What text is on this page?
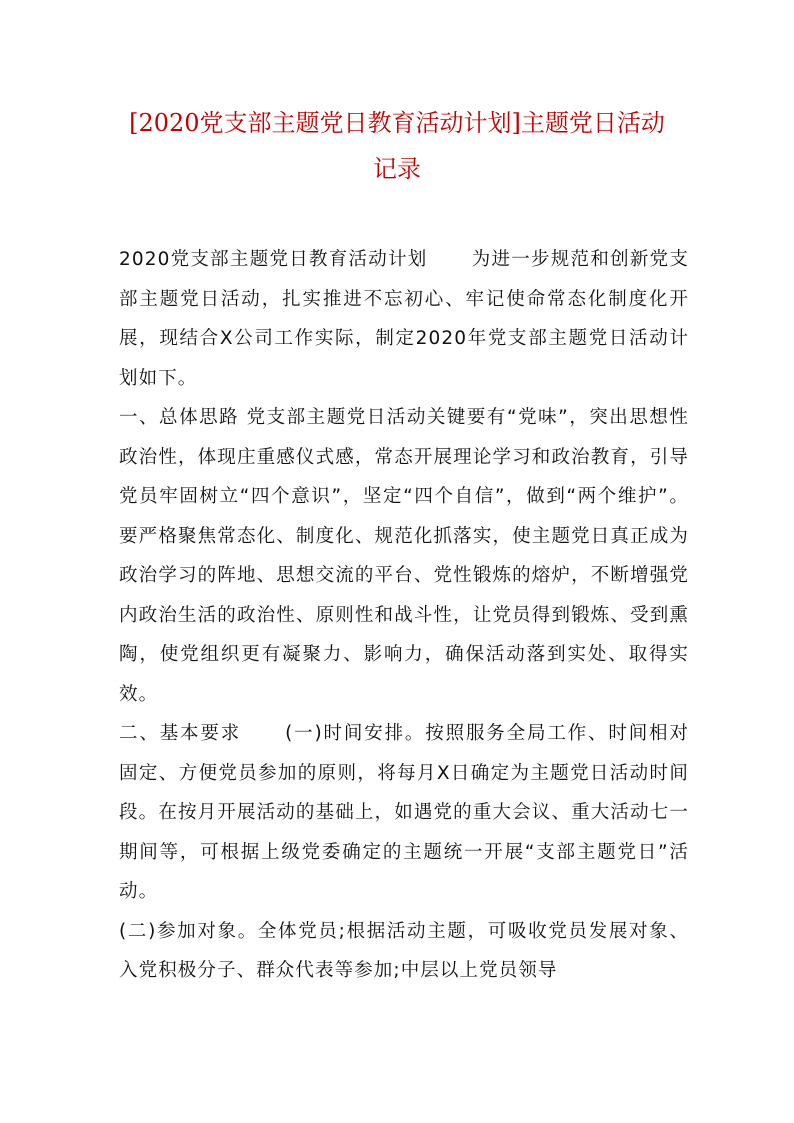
[2020党支部主题党日教育活动计划]主题党日活动
记录

2020党支部主题党日教育活动计划 为进一步规范和创新党支部主题党日活动，扎实推进不忘初心、牢记使命常态化制度化开展，现结合X公司工作实际，制定2020年党支部主题党日活动计划如下。

一、总体思路 党支部主题党日活动关键要有“党味”，突出思想性政治性，体现庄重感仪式感，常态开展理论学习和政治教育，引导党员牢固树立“四个意识”，坚定“四个自信”，做到“两个维护”。要严格聚焦常态化、制度化、规范化抓落实，使主题党日真正成为政治学习的阵地、思想交流的平台、党性锻炼的熔炉，不断增强党内政治生活的政治性、原则性和战斗性，让党员得到锻炼、受到熏陶，使党组织更有凝聚力、影响力，确保活动落到实处、取得实效。

二、基本要求 (一)时间安排。按照服务全局工作、时间相对固定、方便党员参加的原则，将每月X日确定为主题党日活动时间段。在按月开展活动的基础上，如遇党的重大会议、重大活动七一期间等，可根据上级党委确定的主题统一开展“支部主题党日”活动。

(二)参加对象。全体党员;根据活动主题，可吸收党员发展对象、入党积极分子、群众代表等参加;中层以上党员领导
